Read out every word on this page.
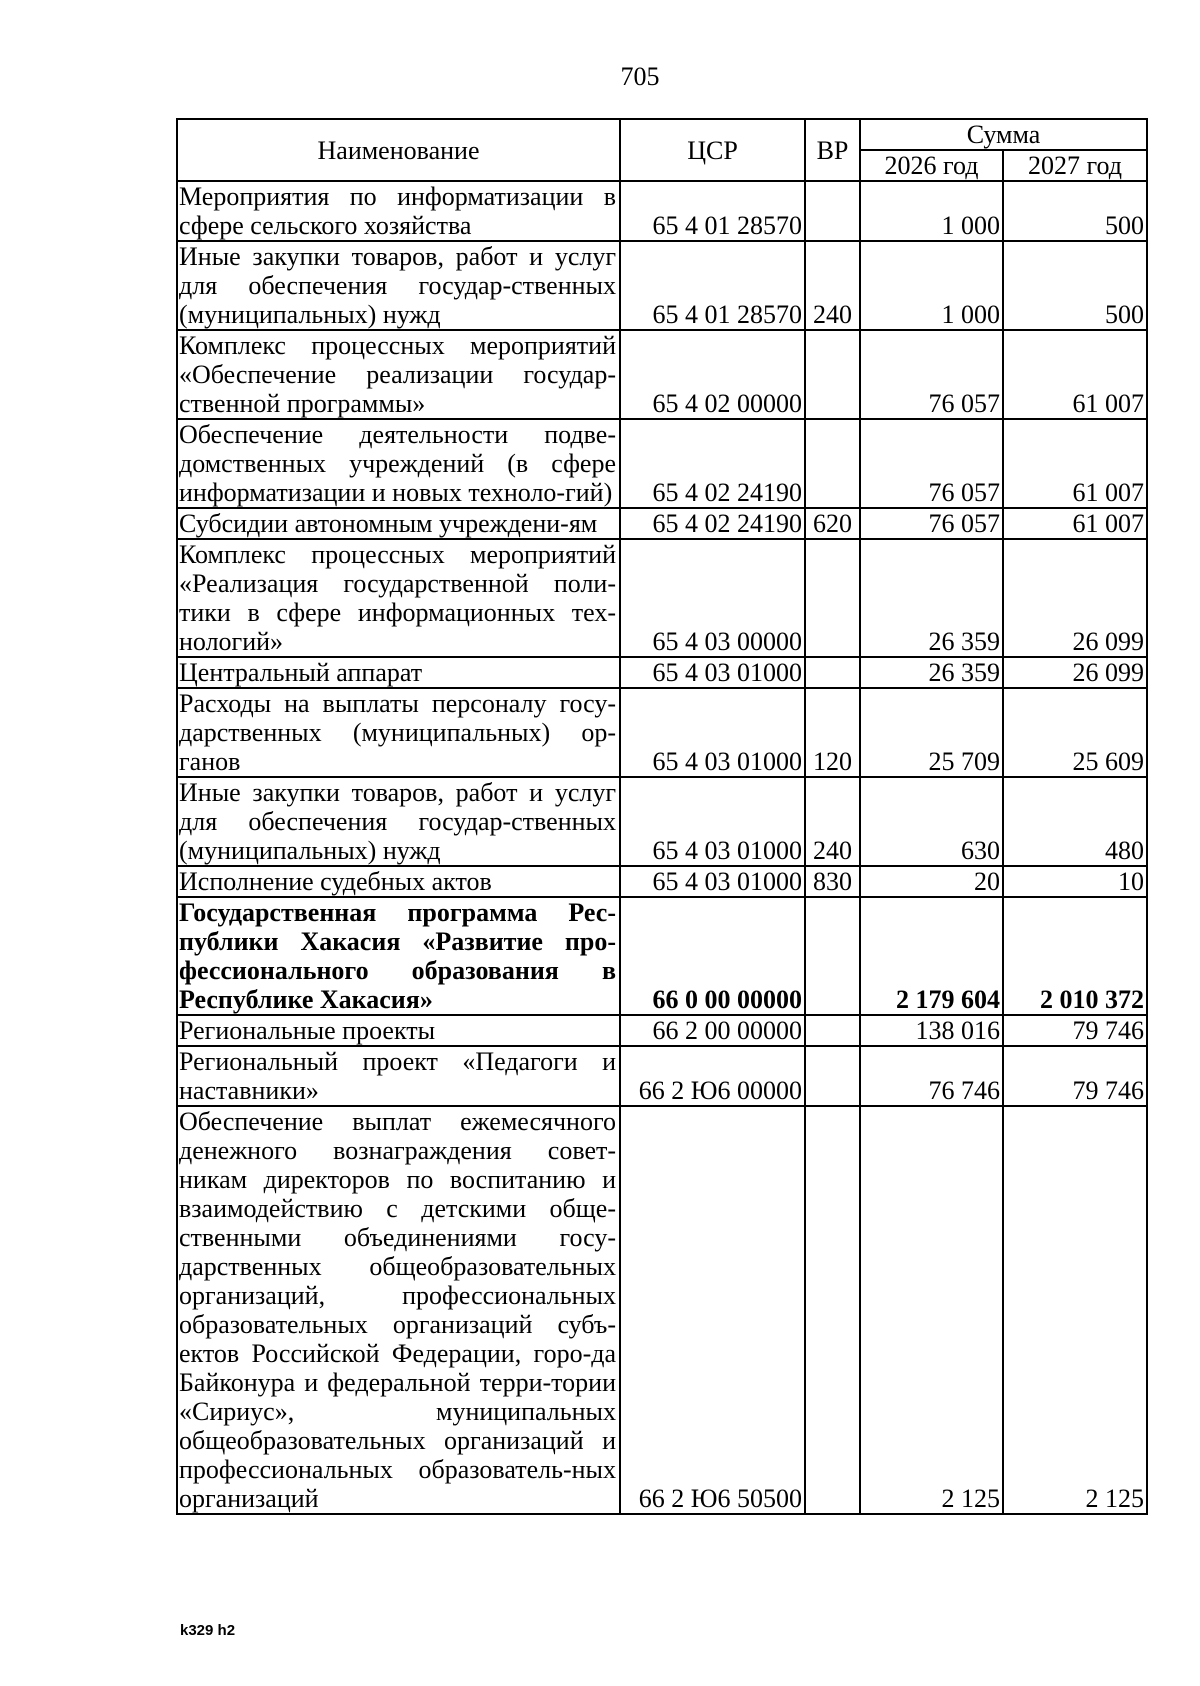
705
Наименование	ЦСР	ВР	Сумма	
			2026 год	2027 год
Мероприятия по информатизации в сфере сельского хозяйства	65 4 01 28570		1 000	500
Иные закупки товаров, работ и услуг для обеспечения государ-ственных (муниципальных) нужд	65 4 01 28570	240	1 000	500
Комплекс процессных мероприятий «Обеспечение реализации государ-ственной программы»	65 4 02 00000		76 057	61 007
Обеспечение деятельности подве-домственных учреждений (в сфере информатизации и новых техноло-гий)	65 4 02 24190		76 057	61 007
Субсидии автономным учреждени-ям	65 4 02 24190	620	76 057	61 007
Комплекс процессных мероприятий «Реализация государственной поли-тики в сфере информационных тех-нологий»	65 4 03 00000		26 359	26 099
Центральный аппарат	65 4 03 01000		26 359	26 099
Расходы на выплаты персоналу госу-дарственных (муниципальных) ор-ганов	65 4 03 01000	120	25 709	25 609
Иные закупки товаров, работ и услуг для обеспечения государ-ственных (муниципальных) нужд	65 4 03 01000	240	630	480
Исполнение судебных актов	65 4 03 01000	830	20	10
Государственная программа Рес-публики Хакасия «Развитие про-фессионального образования в Республике Хакасия»	66 0 00 00000		2 179 604	2 010 372
Региональные проекты	66 2 00 00000		138 016	79 746
Региональный проект «Педагоги и наставники»	66 2 Ю6 00000		76 746	79 746
Обеспечение выплат ежемесячного денежного вознаграждения совет-никам директоров по воспитанию и взаимодействию с детскими обще-ственными объединениями госу-дарственных общеобразовательных организаций, профессиональных образовательных организаций субъ-ектов Российской Федерации, горо-да Байконура и федеральной терри-тории «Сириус», муниципальных общеобразовательных организаций и профессиональных образователь-ных организаций	66 2 Ю6 50500		2 125	2 125
k329 h2
